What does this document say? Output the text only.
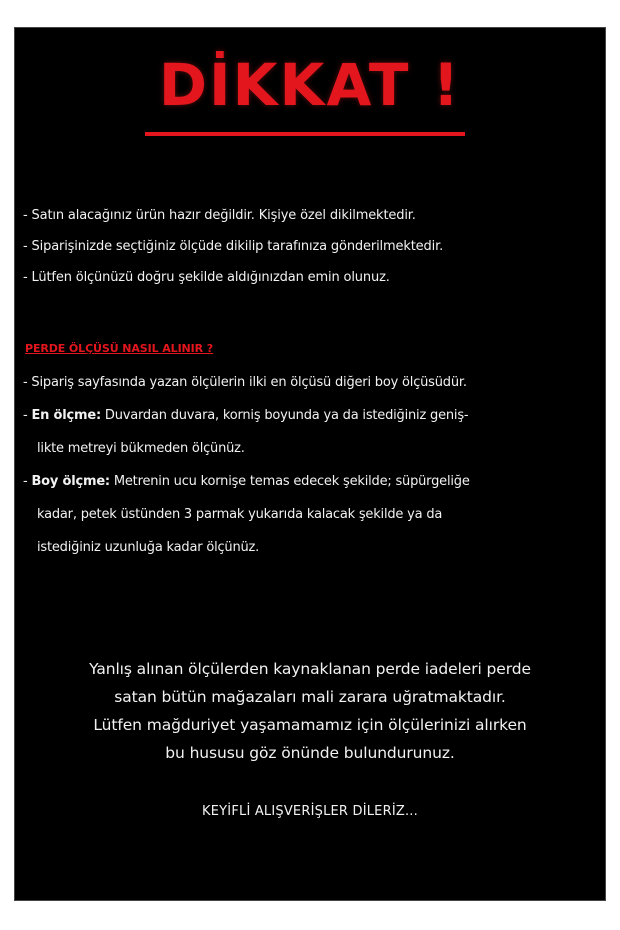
DİKKAT !
- Satın alacağınız ürün hazır değildir. Kişiye özel dikilmektedir.
- Siparişinizde seçtiğiniz ölçüde dikilip tarafınıza gönderilmektedir.
- Lütfen ölçünüzü doğru şekilde aldığınızdan emin olunuz.
PERDE ÖLÇÜSÜ NASIL ALINIR ?
- Sipariş sayfasında yazan ölçülerin ilki en ölçüsü diğeri boy ölçüsüdür.
- En ölçme: Duvardan duvara, korniş boyunda ya da istediğiniz geniş-
likte metreyi bükmeden ölçünüz.
- Boy ölçme: Metrenin ucu kornişe temas edecek şekilde; süpürgeliğe
kadar, petek üstünden 3 parmak yukarıda kalacak şekilde ya da
istediğiniz uzunluğa kadar ölçünüz.
Yanlış alınan ölçülerden kaynaklanan perde iadeleri perde
satan bütün mağazaları mali zarara uğratmaktadır.
Lütfen mağduriyet yaşamamamız için ölçülerinizi alırken
bu hususu göz önünde bulundurunuz.
KEYİFLİ ALIŞVERİŞLER DİLERİZ...
